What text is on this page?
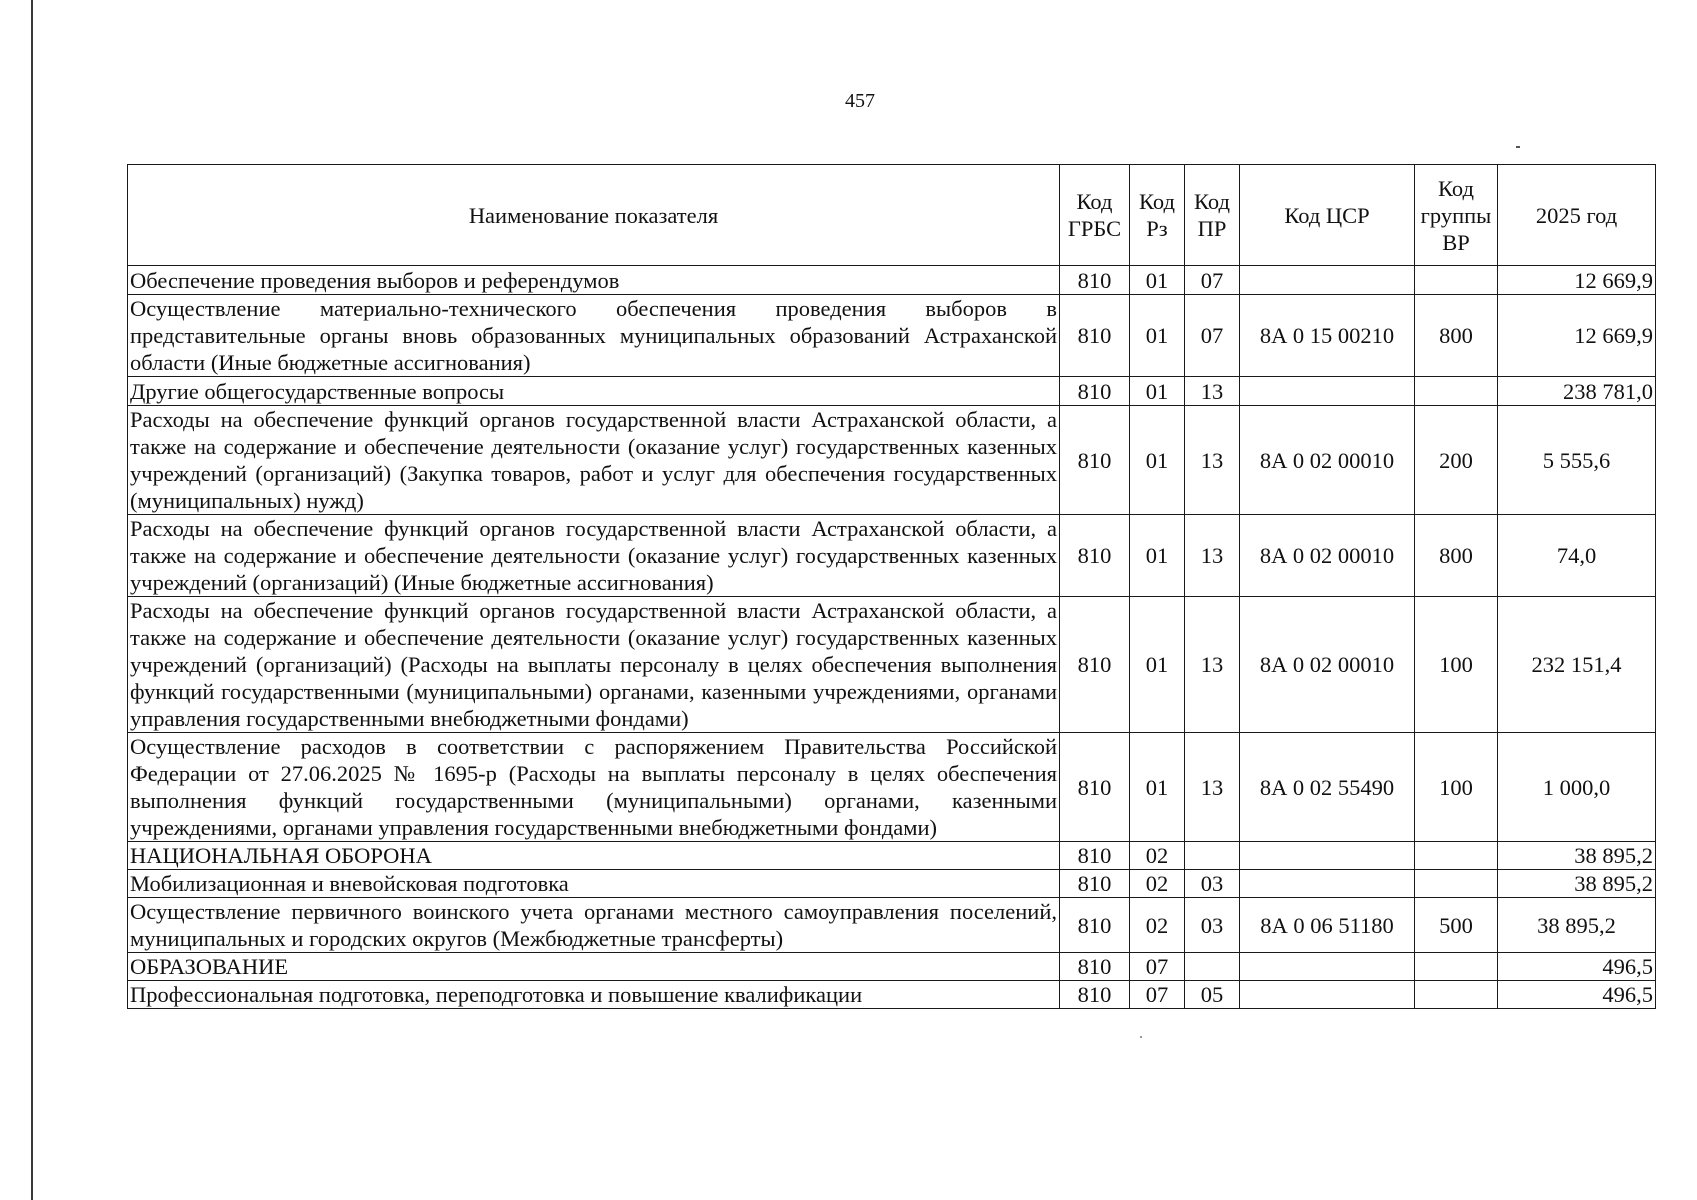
457
Наименование показателя	Код ГРБС	Код Рз	Код ПР	Код ЦСР	Код группы ВР	2025 год
Обеспечение проведения выборов и референдумов	810	01	07			12 669,9
Осуществление материально-технического обеспечения проведения выборов в представительные органы вновь образованных муниципальных образований Астраханской области (Иные бюджетные ассигнования)	810	01	07	8А 0 15 00210	800	12 669,9
Другие общегосударственные вопросы	810	01	13			238 781,0
Расходы на обеспечение функций органов государственной власти Астраханской области, а также на содержание и обеспечение деятельности (оказание услуг) государственных казенных учреждений (организаций) (Закупка товаров, работ и услуг для обеспечения государственных (муниципальных) нужд)	810	01	13	8А 0 02 00010	200	5 555,6
Расходы на обеспечение функций органов государственной власти Астраханской области, а также на содержание и обеспечение деятельности (оказание услуг) государственных казенных учреждений (организаций) (Иные бюджетные ассигнования)	810	01	13	8А 0 02 00010	800	74,0
Расходы на обеспечение функций органов государственной власти Астраханской области, а также на содержание и обеспечение деятельности (оказание услуг) государственных казенных учреждений (организаций) (Расходы на выплаты персоналу в целях обеспечения выполнения функций государственными (муниципальными) органами, казенными учреждениями, органами управления государственными внебюджетными фондами)	810	01	13	8А 0 02 00010	100	232 151,4
Осуществление расходов в соответствии с распоряжением Правительства Российской Федерации от 27.06.2025 № 1695-р (Расходы на выплаты персоналу в целях обеспечения выполнения функций государственными (муниципальными) органами, казенными учреждениями, органами управления государственными внебюджетными фондами)	810	01	13	8А 0 02 55490	100	1 000,0
НАЦИОНАЛЬНАЯ ОБОРОНА	810	02				38 895,2
Мобилизационная и вневойсковая подготовка	810	02	03			38 895,2
Осуществление первичного воинского учета органами местного самоуправления поселений, муниципальных и городских округов (Межбюджетные трансферты)	810	02	03	8А 0 06 51180	500	38 895,2
ОБРАЗОВАНИЕ	810	07				496,5
Профессиональная подготовка, переподготовка и повышение квалификации	810	07	05			496,5
